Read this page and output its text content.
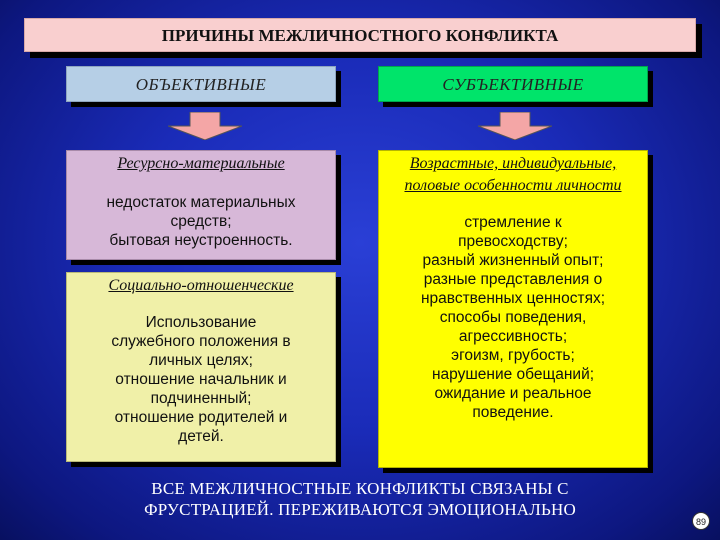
ПРИЧИНЫ МЕЖЛИЧНОСТНОГО КОНФЛИКТА
ОБЪЕКТИВНЫЕ	СУБЪЕКТИВНЫЕ
Ресурсно-материальные
недостаток материальных
средств;
бытовая неустроенность.
Социально-отношенческие
Использование
служебного положения в
личных целях;
отношение начальник и
подчиненный;
отношение родителей и
детей.
Возрастные, индивидуальные,
половые особенности личности
стремление к
превосходству;
разный жизненный опыт;
разные представления о
нравственных ценностях;
способы поведения,
агрессивность;
эгоизм, грубость;
нарушение обещаний;
ожидание и реальное
поведение.
ВСЕ МЕЖЛИЧНОСТНЫЕ КОНФЛИКТЫ СВЯЗАНЫ С
ФРУСТРАЦИЕЙ. ПЕРЕЖИВАЮТСЯ ЭМОЦИОНАЛЬНО
89
